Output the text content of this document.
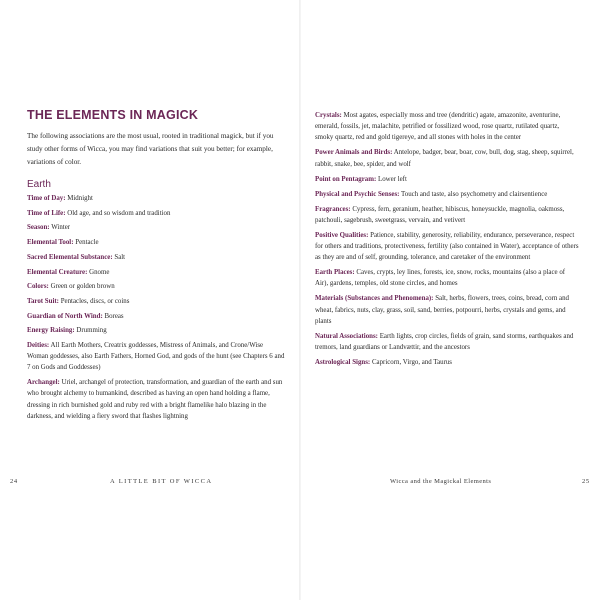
THE ELEMENTS IN MAGICK

The following associations are the most usual, rooted in traditional magick, but if you study other forms of Wicca, you may find variations that suit you better; for example, variations of color.

Earth
Time of Day: Midnight
Time of Life: Old age, and so wisdom and tradition
Season: Winter
Elemental Tool: Pentacle
Sacred Elemental Substance: Salt
Elemental Creature: Gnome
Colors: Green or golden brown
Tarot Suit: Pentacles, discs, or coins
Guardian of North Wind: Boreas
Energy Raising: Drumming
Deities: All Earth Mothers, Creatrix goddesses, Mistress of Animals, and Crone/Wise Woman goddesses, also Earth Fathers, Horned God, and gods of the hunt (see Chapters 6 and 7 on Gods and Goddesses)
Archangel: Uriel, archangel of protection, transformation, and guardian of the earth and sun who brought alchemy to humankind, described as having an open hand holding a flame, dressing in rich burnished gold and ruby red with a bright flamelike halo blazing in the darkness, and wielding a fiery sword that flashes lightning
Crystals: Most agates, especially moss and tree (dendritic) agate, amazonite, aventurine, emerald, fossils, jet, malachite, petrified or fossilized wood, rose quartz, rutilated quartz, smoky quartz, red and gold tigereye, and all stones with holes in the center
Power Animals and Birds: Antelope, badger, bear, boar, cow, bull, dog, stag, sheep, squirrel, rabbit, snake, bee, spider, and wolf
Point on Pentagram: Lower left
Physical and Psychic Senses: Touch and taste, also psychometry and clairsentience
Fragrances: Cypress, fern, geranium, heather, hibiscus, honeysuckle, magnolia, oakmoss, patchouli, sagebrush, sweetgrass, vervain, and vetivert
Positive Qualities: Patience, stability, generosity, reliability, endurance, perseverance, respect for others and traditions, protectiveness, fertility (also contained in Water), acceptance of others as they are and of self, grounding, tolerance, and caretaker of the environment
Earth Places: Caves, crypts, ley lines, forests, ice, snow, rocks, mountains (also a place of Air), gardens, temples, old stone circles, and homes
Materials (Substances and Phenomena): Salt, herbs, flowers, trees, coins, bread, corn and wheat, fabrics, nuts, clay, grass, soil, sand, berries, potpourri, herbs, crystals and gems, and plants
Natural Associations: Earth lights, crop circles, fields of grain, sand storms, earthquakes and tremors, land guardians or Landvættir, and the ancestors
Astrological Signs: Capricorn, Virgo, and Taurus
24	A LITTLE BIT OF WICCA	Wicca and the Magickal Elements	25
